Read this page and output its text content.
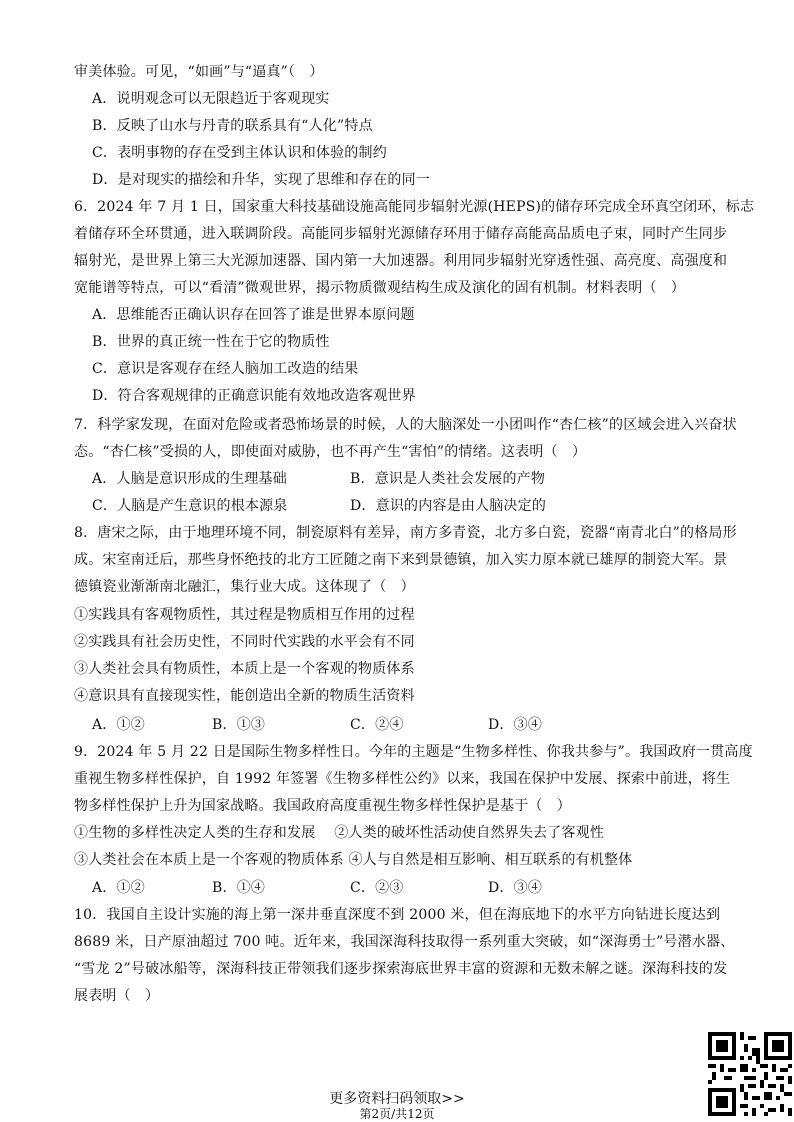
审美体验。可见，“如画”与“逼真”（　）
A．说明观念可以无限趋近于客观现实
B．反映了山水与丹青的联系具有“人化”特点
C．表明事物的存在受到主体认识和体验的制约
D．是对现实的描绘和升华，实现了思维和存在的同一
6．2024 年 7 月 1 日，国家重大科技基础设施高能同步辐射光源(HEPS)的储存环完成全环真空闭环，标志
着储存环全环贯通，进入联调阶段。高能同步辐射光源储存环用于储存高能高品质电子束，同时产生同步
辐射光，是世界上第三大光源加速器、国内第一大加速器。利用同步辐射光穿透性强、高亮度、高强度和
宽能谱等特点，可以“看清”微观世界，揭示物质微观结构生成及演化的固有机制。材料表明（　）
A．思维能否正确认识存在回答了谁是世界本原问题
B．世界的真正统一性在于它的物质性
C．意识是客观存在经人脑加工改造的结果
D．符合客观规律的正确意识能有效地改造客观世界
7．科学家发现，在面对危险或者恐怖场景的时候，人的大脑深处一小团叫作“杏仁核”的区域会进入兴奋状
态。“杏仁核”受损的人，即使面对威胁，也不再产生“害怕”的情绪。这表明（　）
A．人脑是意识形成的生理基础	B．意识是人类社会发展的产物
C．人脑是产生意识的根本源泉	D．意识的内容是由人脑决定的
8．唐宋之际，由于地理环境不同，制瓷原料有差异，南方多青瓷，北方多白瓷，瓷器“南青北白”的格局形
成。宋室南迁后，那些身怀绝技的北方工匠随之南下来到景德镇，加入实力原本就已雄厚的制瓷大军。景
德镇瓷业渐渐南北融汇，集行业大成。这体现了（　）
①实践具有客观物质性，其过程是物质相互作用的过程
②实践具有社会历史性，不同时代实践的水平会有不同
③人类社会具有物质性，本质上是一个客观的物质体系
④意识具有直接现实性，能创造出全新的物质生活资料
A．①②	B．①③	C．②④	D．③④
9．2024 年 5 月 22 日是国际生物多样性日。今年的主题是“生物多样性、你我共参与”。我国政府一贯高度
重视生物多样性保护，自 1992 年签署《生物多样性公约》以来，我国在保护中发展、探索中前进，将生
物多样性保护上升为国家战略。我国政府高度重视生物多样性保护是基于（　）
①生物的多样性决定人类的生存和发展　 ②人类的破坏性活动使自然界失去了客观性
③人类社会在本质上是一个客观的物质体系 ④人与自然是相互影响、相互联系的有机整体
A．①②	B．①④	C．②③	D．③④
10．我国自主设计实施的海上第一深井垂直深度不到 2000 米，但在海底地下的水平方向钻进长度达到
8689 米，日产原油超过 700 吨。近年来，我国深海科技取得一系列重大突破，如“深海勇士”号潜水器、
“雪龙 2”号破冰船等，深海科技正带领我们逐步探索海底世界丰富的资源和无数未解之谜。深海科技的发
展表明（　）
更多资料扫码领取>>
第2页/共12页
